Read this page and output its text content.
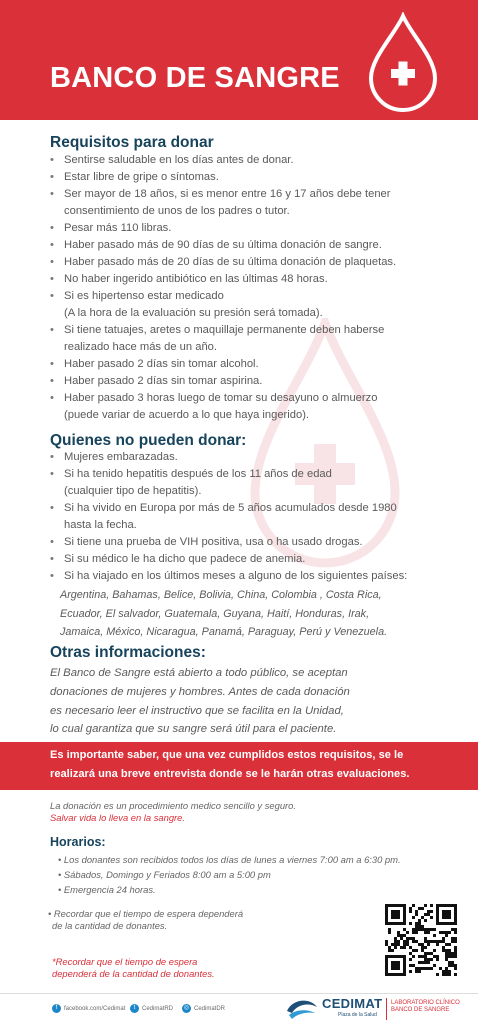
BANCO DE SANGRE
Requisitos para donar
• Sentirse saludable en los días antes de donar.
• Estar libre de gripe o síntomas.
• Ser mayor de 18 años, si es menor entre 16 y 17 años debe tener
consentimiento de unos de los padres o tutor.
• Pesar más 110 libras.
• Haber pasado más de 90 días de su última donación de sangre.
• Haber pasado más de 20 días de su última donación de plaquetas.
• No haber ingerido antibiótico en las últimas 48 horas.
• Si es hipertenso estar medicado
(A la hora de la evaluación su presión será tomada).
• Si tiene tatuajes, aretes o maquillaje permanente deben haberse
realizado hace más de un año.
• Haber pasado 2 días sin tomar alcohol.
• Haber pasado 2 días sin tomar aspirina.
• Haber pasado 3 horas luego de tomar su desayuno o almuerzo
(puede variar de acuerdo a lo que haya ingerido).
Quienes no pueden donar:
• Mujeres embarazadas.
• Si ha tenido hepatitis después de los 11 años de edad
(cualquier tipo de hepatitis).
• Si ha vivido en Europa por más de 5 años acumulados desde 1980
hasta la fecha.
• Si tiene una prueba de VIH positiva, usa o ha usado drogas.
• Si su médico le ha dicho que padece de anemia.
• Si ha viajado en los últimos meses a alguno de los siguientes países:
Argentina, Bahamas, Belice, Bolivia, China, Colombia , Costa Rica,
Ecuador, El salvador, Guatemala, Guyana, Haití, Honduras, Irak,
Jamaica, México, Nicaragua, Panamá, Paraguay, Perú y Venezuela.
Otras informaciones:
El Banco de Sangre está abierto a todo público, se aceptan
donaciones de mujeres y hombres. Antes de cada donación
es necesario leer el instructivo que se facilita en la Unidad,
lo cual garantiza que su sangre será útil para el paciente.
Es importante saber, que una vez cumplidos estos requisitos, se le
realizará una breve entrevista donde se le harán otras evaluaciones.
La donación es un procedimiento medico sencillo y seguro.
Salvar vida lo lleva en la sangre.
Horarios:
• Los donantes son recibidos todos los días de lunes a viernes 7:00 am a 6:30 pm.
• Sábados, Domingo y Feriados 8:00 am a 5:00 pm
• Emergencia 24 horas.
• Recordar que el tiempo de espera dependerá
de la cantidad de donantes.
*Recordar que el tiempo de espera
dependerá de la cantidad de donantes.
f	facebook.com/Cedimat	t	CedimatRD	◎ CedimatDR	CEDIMAT
Plaza de la Salud
LABORATORIO CLÍNICO
BANCO DE SANGRE
